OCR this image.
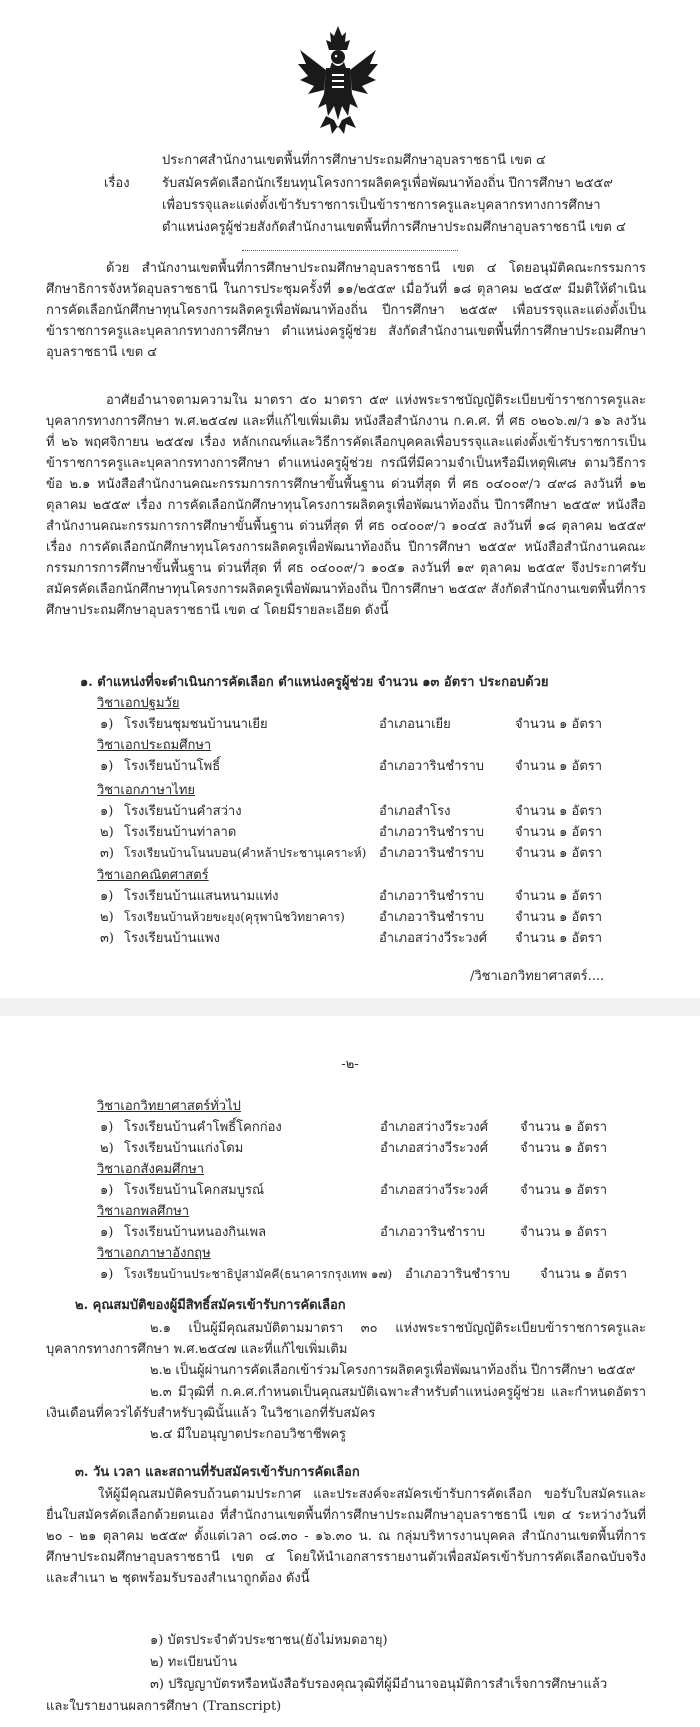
ประกาศสำนักงานเขตพื้นที่การศึกษาประถมศึกษาอุบลราชธานี เขต ๔
เรื่อง รับสมัครคัดเลือกนักเรียนทุนโครงการผลิตครูเพื่อพัฒนาท้องถิ่น ปีการศึกษา ๒๕๕๙
เพื่อบรรจุและแต่งตั้งเข้ารับราชการเป็นข้าราชการครูและบุคลากรทางการศึกษา
ตำแหน่งครูผู้ช่วยสังกัดสำนักงานเขตพื้นที่การศึกษาประถมศึกษาอุบลราชธานี เขต ๔
ด้วย สำนักงานเขตพื้นที่การศึกษาประถมศึกษาอุบลราชธานี เขต ๔ โดยอนุมัติคณะกรรมการศึกษาธิการจังหวัดอุบลราชธานี ในการประชุมครั้งที่ ๑๑/๒๕๕๙ เมื่อวันที่ ๑๘ ตุลาคม ๒๕๕๙ มีมติให้ดำเนินการคัดเลือกนักศึกษาทุนโครงการผลิตครูเพื่อพัฒนาท้องถิ่น ปีการศึกษา ๒๕๕๙ เพื่อบรรจุและแต่งตั้งเป็นข้าราชการครูและบุคลากรทางการศึกษา ตำแหน่งครูผู้ช่วย สังกัดสำนักงานเขตพื้นที่การศึกษาประถมศึกษาอุบลราชธานี เขต ๔
อาศัยอำนาจตามความใน มาตรา ๕๐ มาตรา ๕๙ แห่งพระราชบัญญัติระเบียบข้าราชการครูและบุคลากรทางการศึกษา พ.ศ.๒๕๔๗ และที่แก้ไขเพิ่มเติม หนังสือสำนักงาน ก.ค.ศ. ที่ ศธ ๐๒๐๖.๗/ว ๑๖ ลงวันที่ ๒๖ พฤศจิกายน ๒๕๕๗ เรื่อง หลักเกณฑ์และวิธีการคัดเลือกบุคคลเพื่อบรรจุและแต่งตั้งเข้ารับราชการเป็นข้าราชการครูและบุคลากรทางการศึกษา ตำแหน่งครูผู้ช่วย กรณีที่มีความจำเป็นหรือมีเหตุพิเศษ ตามวิธีการข้อ ๒.๑ หนังสือสำนักงานคณะกรรมการการศึกษาขั้นพื้นฐาน ด่วนที่สุด ที่ ศธ ๐๔๐๐๙/ว ๔๙๘ ลงวันที่ ๑๒ ตุลาคม ๒๕๕๙ เรื่อง การคัดเลือกนักศึกษาทุนโครงการผลิตครูเพื่อพัฒนาท้องถิ่น ปีการศึกษา ๒๕๕๙ หนังสือสำนักงานคณะกรรมการการศึกษาขั้นพื้นฐาน ด่วนที่สุด ที่ ศธ ๐๔๐๐๙/ว ๑๐๔๕ ลงวันที่ ๑๘ ตุลาคม ๒๕๕๙ เรื่อง การคัดเลือกนักศึกษาทุนโครงการผลิตครูเพื่อพัฒนาท้องถิ่น ปีการศึกษา ๒๕๕๙ หนังสือสำนักงานคณะกรรมการการศึกษาขั้นพื้นฐาน ด่วนที่สุด ที่ ศธ ๐๔๐๐๙/ว ๑๐๕๑ ลงวันที่ ๑๙ ตุลาคม ๒๕๕๙ จึงประกาศรับสมัครคัดเลือกนักศึกษาทุนโครงการผลิตครูเพื่อพัฒนาท้องถิ่น ปีการศึกษา ๒๕๕๙ สังกัดสำนักงานเขตพื้นที่การศึกษาประถมศึกษาอุบลราชธานี เขต ๔ โดยมีรายละเอียด ดังนี้
๑. ตำแหน่งที่จะดำเนินการคัดเลือก ตำแหน่งครูผู้ช่วย จำนวน ๑๓ อัตรา ประกอบด้วย
วิชาเอกปฐมวัย
๑) โรงเรียนชุมชนบ้านนาเยีย	อำเภอนาเยีย	จำนวน ๑ อัตรา
วิชาเอกประถมศึกษา
๑) โรงเรียนบ้านโพธิ์	อำเภอวารินชำราบ จำนวน ๑ อัตรา
วิชาเอกภาษาไทย
๑) โรงเรียนบ้านคำสว่าง	อำเภอสำโรง	จำนวน ๑ อัตรา
๒) โรงเรียนบ้านท่าลาด	อำเภอวารินชำราบ จำนวน ๑ อัตรา
๓) โรงเรียนบ้านโนนบอน(คำหล้าประชานุเคราะห์) อำเภอวารินชำราบ จำนวน ๑ อัตรา
วิชาเอกคณิตศาสตร์
๑) โรงเรียนบ้านแสนหนามแท่ง	อำเภอวารินชำราบ จำนวน ๑ อัตรา
๒) โรงเรียนบ้านห้วยขะยุง(คุรุพานิชวิทยาคาร)	อำเภอวารินชำราบ จำนวน ๑ อัตรา
๓) โรงเรียนบ้านแพง	อำเภอสว่างวีระวงศ์ จำนวน ๑ อัตรา
/วิชาเอกวิทยาศาสตร์....
-๒-
วิชาเอกวิทยาศาสตร์ทั่วไป
๑) โรงเรียนบ้านคำโพธิ์โคกก่อง	อำเภอสว่างวีระวงศ์ จำนวน ๑ อัตรา
๒) โรงเรียนบ้านแก่งโดม	อำเภอสว่างวีระวงศ์ จำนวน ๑ อัตรา
วิชาเอกสังคมศึกษา
๑) โรงเรียนบ้านโคกสมบูรณ์	อำเภอสว่างวีระวงศ์ จำนวน ๑ อัตรา
วิชาเอกพลศึกษา
๑) โรงเรียนบ้านหนองกินเพล	อำเภอวารินชำราบ	จำนวน ๑ อัตรา
วิชาเอกภาษาอังกฤษ
๑) โรงเรียนบ้านประชาธิปูสามัคคี(ธนาคารกรุงเทพ ๑๗) อำเภอวารินชำราบ จำนวน ๑ อัตรา
๒. คุณสมบัติของผู้มีสิทธิ์สมัครเข้ารับการคัดเลือก
๒.๑ เป็นผู้มีคุณสมบัติตามมาตรา ๓๐ แห่งพระราชบัญญัติระเบียบข้าราชการครูและบุคลากรทางการศึกษา พ.ศ.๒๕๔๗ และที่แก้ไขเพิ่มเติม
๒.๒ เป็นผู้ผ่านการคัดเลือกเข้าร่วมโครงการผลิตครูเพื่อพัฒนาท้องถิ่น ปีการศึกษา ๒๕๕๙
๒.๓ มีวุฒิที่ ก.ค.ศ.กำหนดเป็นคุณสมบัติเฉพาะสำหรับตำแหน่งครูผู้ช่วย และกำหนดอัตราเงินเดือนที่ควรได้รับสำหรับวุฒินั้นแล้ว ในวิชาเอกที่รับสมัคร
๒.๔ มีใบอนุญาตประกอบวิชาชีพครู
๓. วัน เวลา และสถานที่รับสมัครเข้ารับการคัดเลือก
ให้ผู้มีคุณสมบัติครบถ้วนตามประกาศ และประสงค์จะสมัครเข้ารับการคัดเลือก ขอรับใบสมัครและยื่นใบสมัครคัดเลือกด้วยตนเอง ที่สำนักงานเขตพื้นที่การศึกษาประถมศึกษาอุบลราชธานี เขต ๔ ระหว่างวันที่ ๒๐ - ๒๑ ตุลาคม ๒๕๕๙ ตั้งแต่เวลา ๐๘.๓๐ - ๑๖.๓๐ น. ณ กลุ่มบริหารงานบุคคล สำนักงานเขตพื้นที่การศึกษาประถมศึกษาอุบลราชธานี เขต ๔ โดยให้นำเอกสารรายงานตัวเพื่อสมัครเข้ารับการคัดเลือกฉบับจริง และสำเนา ๒ ชุดพร้อมรับรองสำเนาถูกต้อง ดังนี้
๑) บัตรประจำตัวประชาชน(ยังไม่หมดอายุ)
๒) ทะเบียนบ้าน
๓) ปริญญาบัตรหรือหนังสือรับรองคุณวุฒิที่ผู้มีอำนาจอนุมัติการสำเร็จการศึกษาแล้ว
และใบรายงานผลการศึกษา (Transcript)
